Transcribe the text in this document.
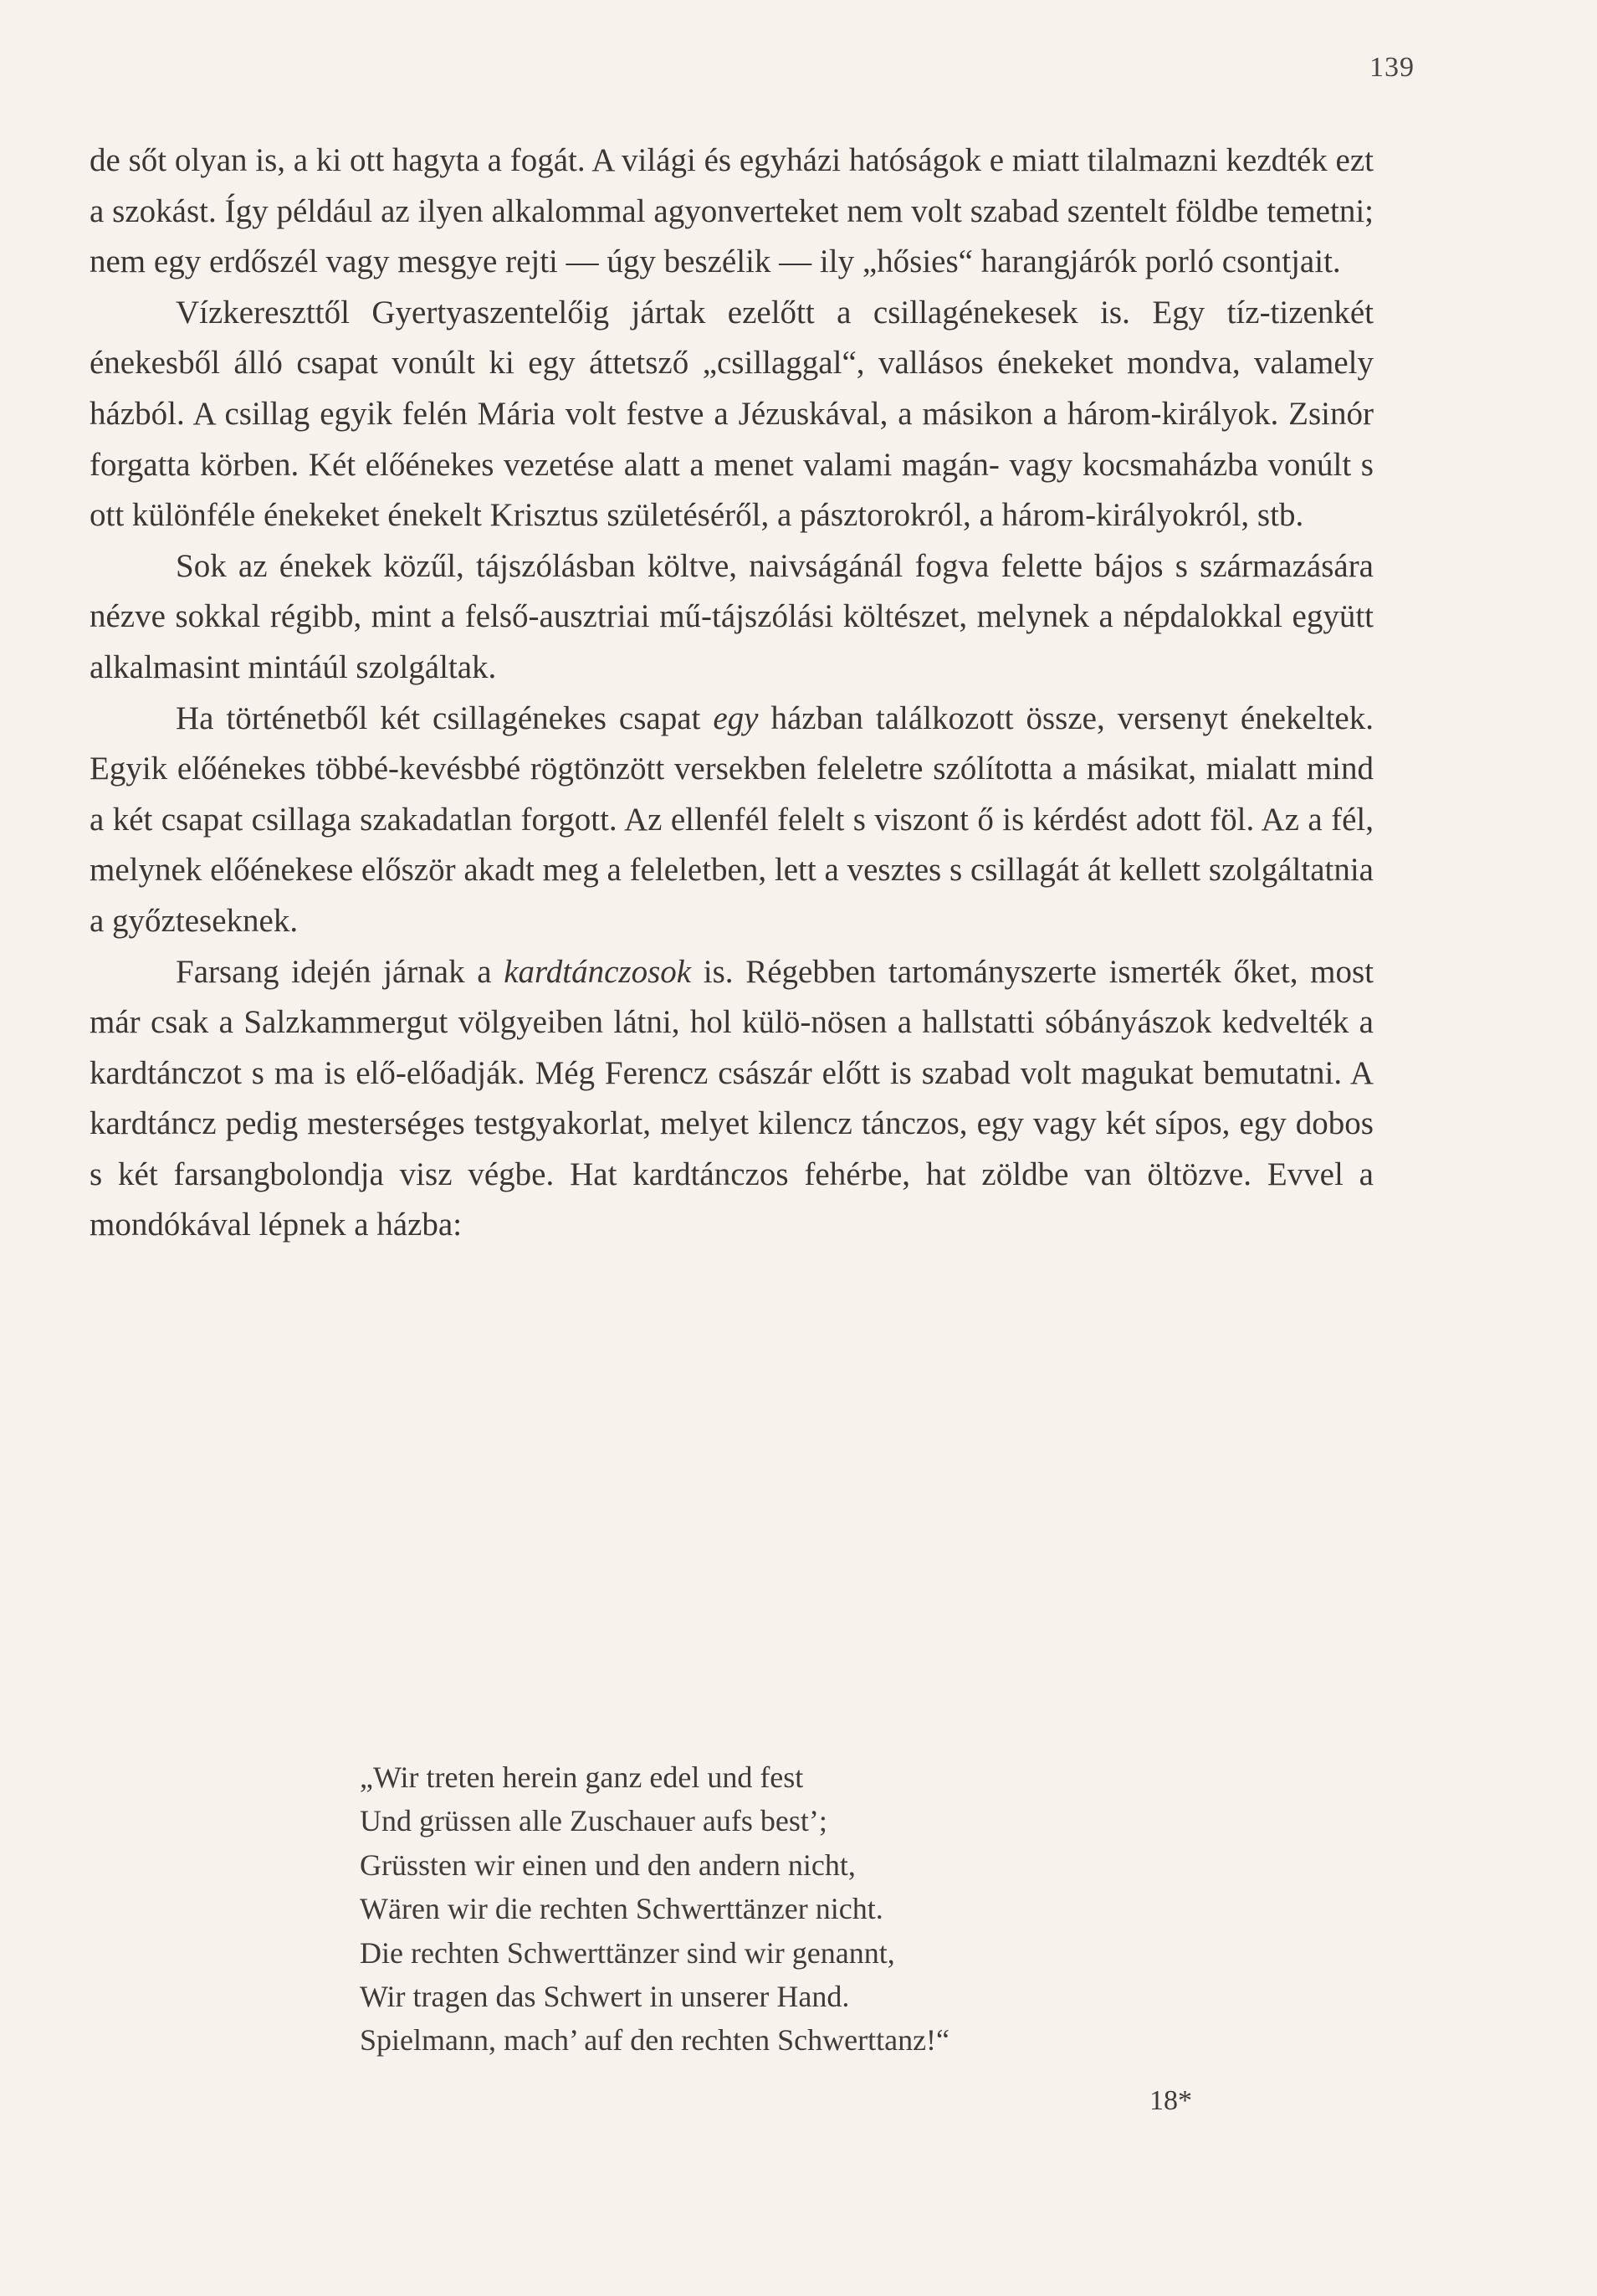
139

de sőt olyan is, a ki ott hagyta a fogát. A világi és egyházi hatóságok e miatt tilalmazni kezdték ezt a szokást. Így például az ilyen alkalommal agyonverteket nem volt szabad szentelt földbe temetni; nem egy erdőszél vagy mesgye rejti — úgy beszélik — ily „hősies“ harangjárók porló csontjait.

Vízkereszttől Gyertyaszentelőig jártak ezelőtt a csillagénekesek is. Egy tíz-tizenkét énekesből álló csapat vonúlt ki egy áttetsző „csillaggal“, vallásos énekeket mondva, valamely házból. A csillag egyik felén Mária volt festve a Jézuskával, a másikon a három-királyok. Zsinór forgatta körben. Két előénekes vezetése alatt a menet valami magán- vagy kocsmaházba vonúlt s ott különféle énekeket énekelt Krisztus születéséről, a pásztorokról, a három-királyokról, stb.

Sok az énekek közűl, tájszólásban költve, naivságánál fogva felette bájos s származására nézve sokkal régibb, mint a felső-ausztriai mű-tájszólási költészet, melynek a népdalokkal együtt alkalmasint mintáúl szolgáltak.

Ha történetből két csillagénekes csapat egy házban találkozott össze, versenyt énekeltek. Egyik előénekes többé-kevésbbé rögtönzött versekben feleletre szólította a másikat, mialatt mind a két csapat csillaga szakadatlan forgott. Az ellenfél felelt s viszont ő is kérdést adott föl. Az a fél, melynek előénekese először akadt meg a feleletben, lett a vesztes s csillagát át kellett szolgáltatnia a győzteseknek.

Farsang idején járnak a kardtánczosok is. Régebben tartományszerte ismerték őket, most már csak a Salzkammergut völgyeiben látni, hol külö-nösen a hallstatti sóbányászok kedvelték a kardtánczot s ma is elő-előadják. Még Ferencz császár előtt is szabad volt magukat bemutatni. A kardtáncz pedig mesterséges testgyakorlat, melyet kilencz tánczos, egy vagy két sípos, egy dobos s két farsangbolondja visz végbe. Hat kardtánczos fehérbe, hat zöldbe van öltözve. Evvel a mondókával lépnek a házba:

„Wir treten herein ganz edel und fest
Und grüssen alle Zuschauer aufs best’;
Grüssten wir einen und den andern nicht,
Wären wir die rechten Schwerttänzer nicht.
Die rechten Schwerttänzer sind wir genannt,
Wir tragen das Schwert in unserer Hand.
Spielmann, mach’ auf den rechten Schwerttanz!“
18*
